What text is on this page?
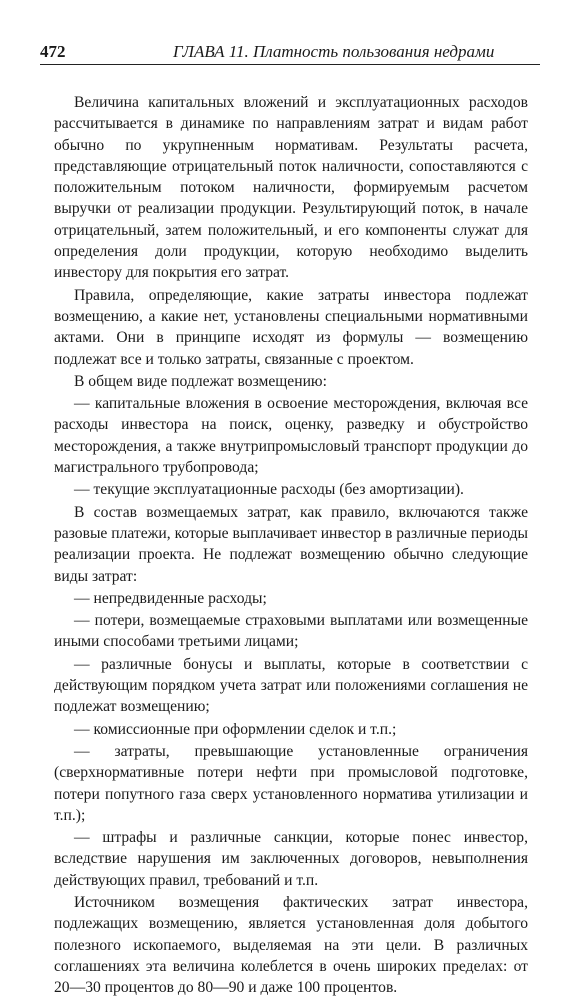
472	ГЛАВА 11. Платность пользования недрами

Величина капитальных вложений и эксплуатационных расходов рассчитывается в динамике по направлениям затрат и видам работ обычно по укрупненным нормативам. Результаты расчета, представляющие отрицательный поток наличности, сопоставляются с положительным потоком наличности, формируемым расчетом выручки от реализации продукции. Результирующий поток, в начале отрицательный, затем положительный, и его компоненты служат для определения доли продукции, которую необходимо выделить инвестору для покрытия его затрат.

Правила, определяющие, какие затраты инвестора подлежат возмещению, а какие нет, установлены специальными нормативными актами. Они в принципе исходят из формулы — возмещению подлежат все и только затраты, связанные с проектом.

В общем виде подлежат возмещению:

— капитальные вложения в освоение месторождения, включая все расходы инвестора на поиск, оценку, разведку и обустройство месторождения, а также внутрипромысловый транспорт продукции до магистрального трубопровода;

— текущие эксплуатационные расходы (без амортизации).

В состав возмещаемых затрат, как правило, включаются также разовые платежи, которые выплачивает инвестор в различные периоды реализации проекта. Не подлежат возмещению обычно следующие виды затрат:

— непредвиденные расходы;

— потери, возмещаемые страховыми выплатами или возмещенные иными способами третьими лицами;

— различные бонусы и выплаты, которые в соответствии с действующим порядком учета затрат или положениями соглашения не подлежат возмещению;

— комиссионные при оформлении сделок и т.п.;

— затраты, превышающие установленные ограничения (сверхнормативные потери нефти при промысловой подготовке, потери попутного газа сверх установленного норматива утилизации и т.п.);

— штрафы и различные санкции, которые понес инвестор, вследствие нарушения им заключенных договоров, невыполнения действующих правил, требований и т.п.

Источником возмещения фактических затрат инвестора, подлежащих возмещению, является установленная доля добытого полезного ископаемого, выделяемая на эти цели. В различных соглашениях эта величина колеблется в очень широких пределах: от 20—30 процентов до 80—90 и даже 100 процентов.
